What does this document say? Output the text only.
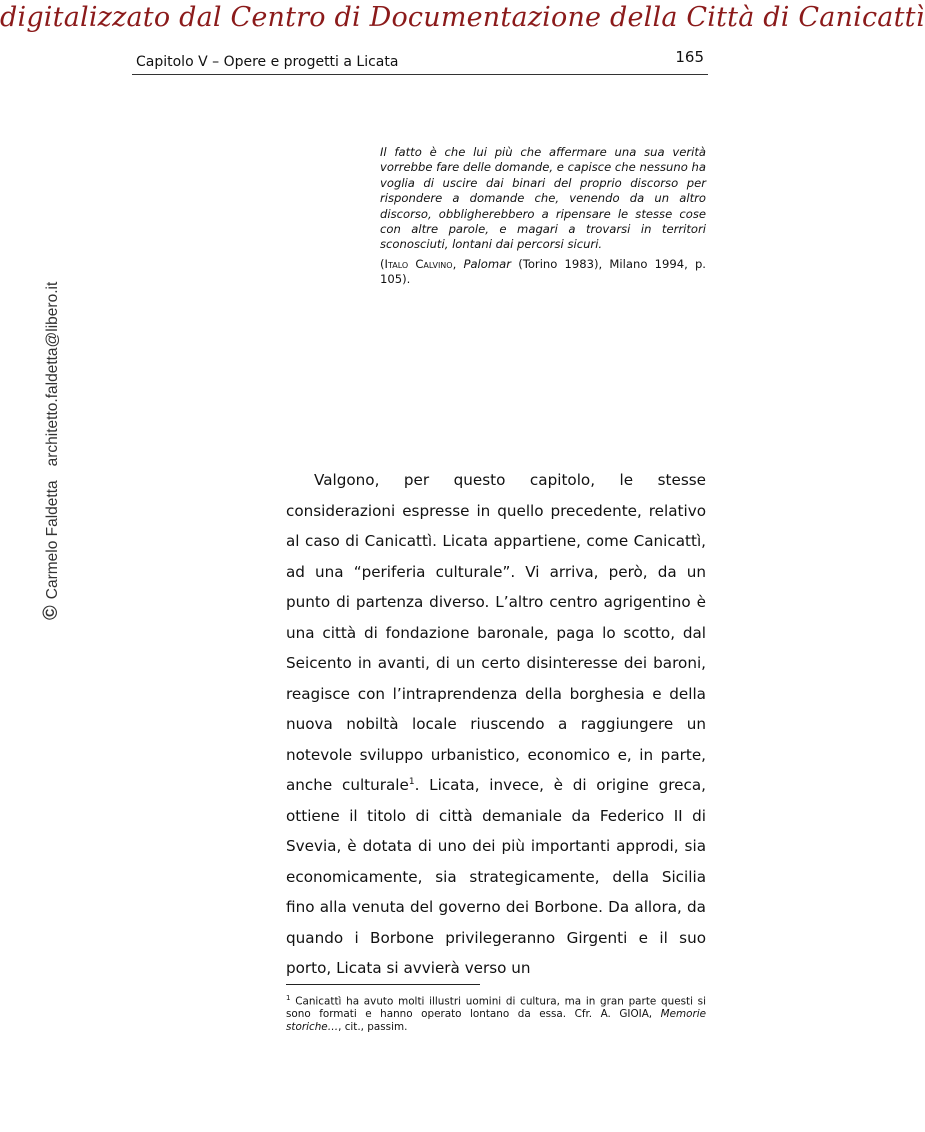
digitalizzato dal Centro di Documentazione della Città di Canicattì
Capitolo V – Opere e progetti a Licata	165
©Carmelo Faldettaarchitetto.faldetta@libero.it

Il fatto è che lui più che affermare una sua verità vorrebbe fare delle domande, e capisce che nessuno ha voglia di uscire dai binari del proprio discorso per rispondere a domande che, venendo da un altro discorso, obbligherebbero a ripensare le stesse cose con altre parole, e magari a trovarsi in territori sconosciuti, lontani dai percorsi sicuri.

(Italo Calvino, Palomar (Torino 1983), Milano 1994, p. 105).

Valgono, per questo capitolo, le stesse considerazioni espresse in quello precedente, relativo al caso di Canicattì. Licata appartiene, come Canicattì, ad una “periferia culturale”. Vi arriva, però, da un punto di partenza diverso. L’altro centro agrigentino è una città di fondazione baronale, paga lo scotto, dal Seicento in avanti, di un certo disinteresse dei baroni, reagisce con l’intraprendenza della borghesia e della nuova nobiltà locale riuscendo a raggiungere un notevole sviluppo urbanistico, economico e, in parte, anche culturale$^1$. Licata, invece, è di origine greca, ottiene il titolo di città demaniale da Federico II di Svevia, è dotata di uno dei più importanti approdi, sia economicamente, sia strategicamente, della Sicilia fino alla venuta del governo dei Borbone. Da allora, da quando i Borbone privilegeranno Girgenti e il suo porto, Licata si avvierà verso un

$^1$ Canicattì ha avuto molti illustri uomini di cultura, ma in gran parte questi si sono formati e hanno operato lontano da essa. Cfr. A. GIOIA, Memorie storiche…, cit., passim.
